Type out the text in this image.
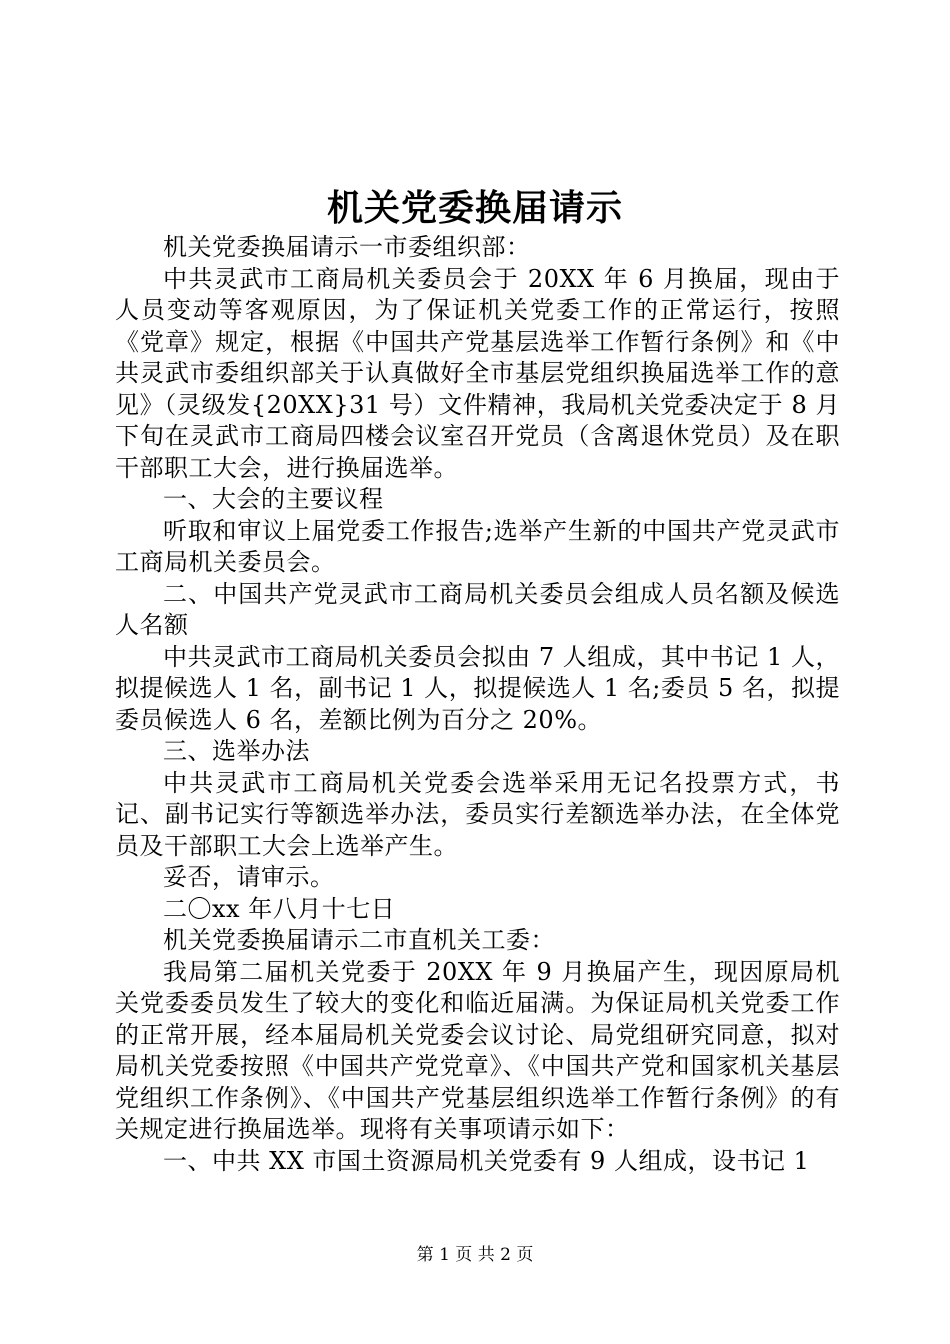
机关党委换届请示

机关党委换届请示一市委组织部：

中共灵武市工商局机关委员会于 20XX 年 6 月换届，现由于人员变动等客观原因，为了保证机关党委工作的正常运行，按照《党章》规定，根据《中国共产党基层选举工作暂行条例》和《中共灵武市委组织部关于认真做好全市基层党组织换届选举工作的意见》（灵级发{20XX}31 号）文件精神，我局机关党委决定于 8 月下旬在灵武市工商局四楼会议室召开党员（含离退休党员）及在职干部职工大会，进行换届选举。

一、大会的主要议程

听取和审议上届党委工作报告;选举产生新的中国共产党灵武市工商局机关委员会。

二、中国共产党灵武市工商局机关委员会组成人员名额及候选人名额

中共灵武市工商局机关委员会拟由 7 人组成，其中书记 1 人，拟提候选人 1 名，副书记 1 人，拟提候选人 1 名;委员 5 名，拟提委员候选人 6 名，差额比例为百分之 20%。

三、选举办法

中共灵武市工商局机关党委会选举采用无记名投票方式，书记、副书记实行等额选举办法，委员实行差额选举办法，在全体党员及干部职工大会上选举产生。

妥否，请审示。

二〇xx 年八月十七日

机关党委换届请示二市直机关工委：

我局第二届机关党委于 20XX 年 9 月换届产生，现因原局机关党委委员发生了较大的变化和临近届满。为保证局机关党委工作的正常开展，经本届局机关党委会议讨论、局党组研究同意，拟对局机关党委按照《中国共产党党章》、《中国共产党和国家机关基层党组织工作条例》、《中国共产党基层组织选举工作暂行条例》的有关规定进行换届选举。现将有关事项请示如下：

一、中共 XX 市国土资源局机关党委有 9 人组成，设书记 1

第 1 页 共 2 页
